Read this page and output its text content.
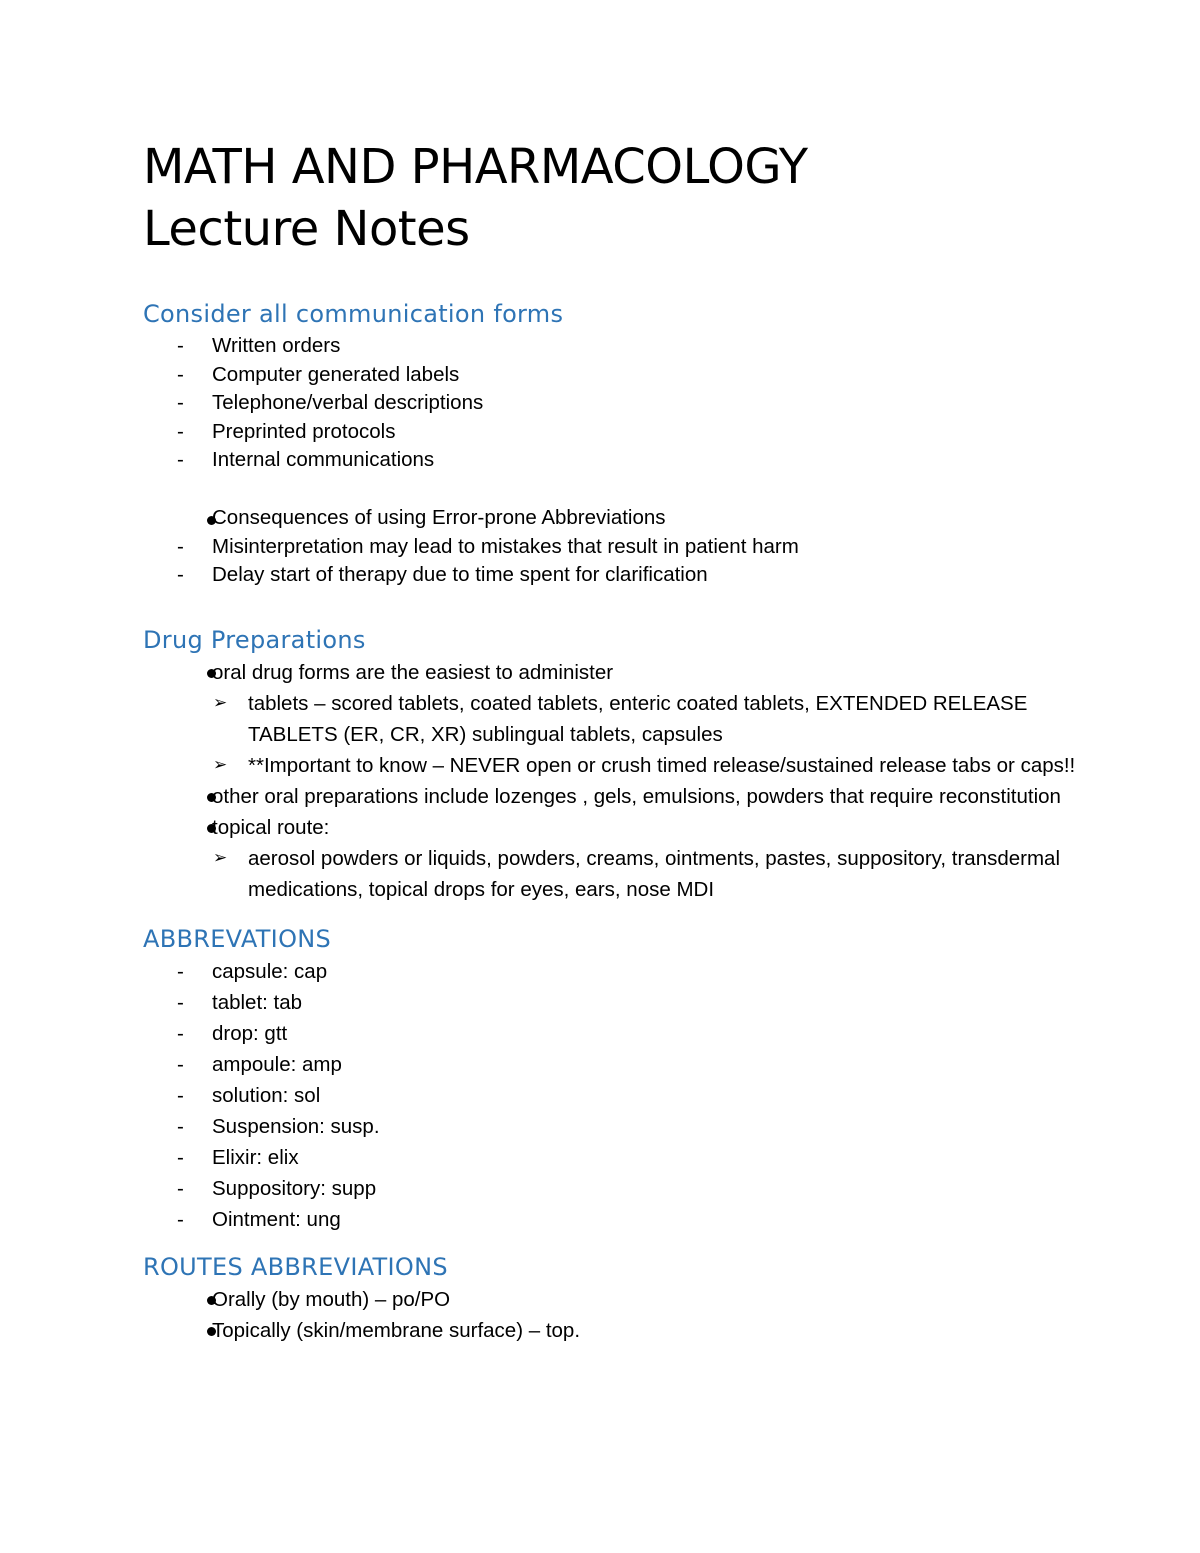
MATH AND PHARMACOLOGY
Lecture Notes
Consider all communication forms
-	Written orders
-	Computer generated labels
-	Telephone/verbal descriptions
-	Preprinted protocols
-	Internal communications
Consequences of using Error-prone Abbreviations
-	Misinterpretation may lead to mistakes that result in patient harm
-	Delay start of therapy due to time spent for clarification
Drug Preparations
oral drug forms are the easiest to administer
➢ tablets – scored tablets, coated tablets, enteric coated tablets, EXTENDED RELEASE TABLETS (ER, CR, XR) sublingual tablets, capsules
➢ **Important to know – NEVER open or crush timed release/sustained release tabs or caps!!
other oral preparations include lozenges , gels, emulsions, powders that require reconstitution
topical route:
➢ aerosol powders or liquids, powders, creams, ointments, pastes, suppository, transdermal medications, topical drops for eyes, ears, nose MDI
ABBREVATIONS
-	capsule: cap
-	tablet: tab
-	drop: gtt
-	ampoule: amp
-	solution: sol
-	Suspension: susp.
-	Elixir: elix
-	Suppository: supp
-	Ointment: ung
ROUTES ABBREVIATIONS
Orally (by mouth) – po/PO
Topically (skin/membrane surface) – top.
